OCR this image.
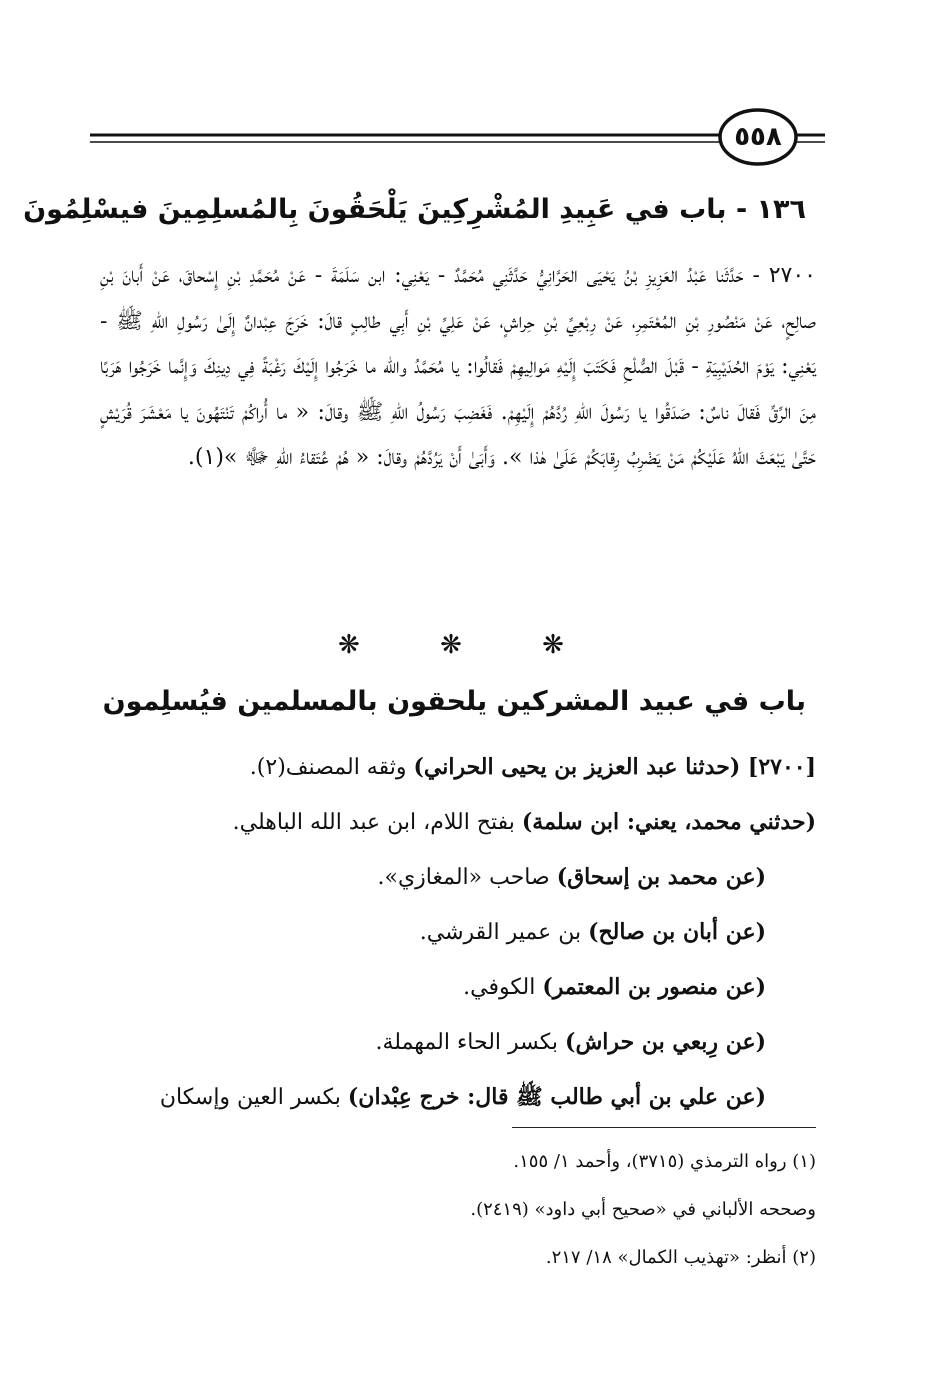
٥٥٨
١٣٦ - باب في عَبِيدِ المُشْرِكِينَ يَلْحَقُونَ بِالمُسلِمِينَ فيسْلِمُونَ

٢٧٠٠ - حَدَّثَنا عَبْدُ العَزِيزِ بْنُ يَحْيَى الحَرَّانِيُّ حَدَّثَنِي مُحَمَّدٌ - يَعْنِي: ابن سَلَمَةَ - عَنْ مُحَمَّدِ بْنِ إِسْحاقَ، عَنْ أَبانَ بْنِ صالِحٍ، عَنْ مَنْصُورِ بْنِ المُعْتَمِرِ، عَنْ رِبْعِيِّ بْنِ حِراشٍ، عَنْ عَلِيِّ بْنِ أَبِي طالِبٍ قالَ: خَرَجَ عِبْدانٌ إِلَىٰ رَسُولِ اللهِ ﷺ - يَعْنِي: يَوْمَ الحُدَيْبِيَةِ - قَبْلَ الصُّلْحِ فَكَتَبَ إِلَيْهِ مَوالِيهِمْ فَقالُوا: يا مُحَمَّدُ والله ما خَرَجُوا إِلَيْكَ رَغْبَةً فِي دِينِكَ وَإِنَّما خَرَجُوا هَرَبًا مِنَ الرِّقِّ فَقالَ ناسٌ: صَدَقُوا يا رَسُولَ اللهِ رُدَّهُمْ إِلَيْهِمْ. فَغَضِبَ رَسُولُ اللهِ ﷺ وقالَ: « ما أُراكُمْ تَنْتَهُونَ يا مَعْشَرَ قُرَيْشٍ حَتَّىٰ يَبْعَثَ اللهُ عَلَيْكُمْ مَنْ يَضْرِبُ رِقابَكُمْ عَلَىٰ هٰذا ». وَأَبَىٰ أَنْ يَرُدَّهُمْ وقالَ: « هُمْ عُتَقاءُ اللهِ ﷻ »(١).

❋ ❋ ❋
باب في عبيد المشركين يلحقون بالمسلمين فيُسلِمون
[٢٧٠٠] (حدثنا عبد العزيز بن يحيى الحراني) وثقه المصنف(٢).
(حدثني محمد، يعني: ابن سلمة) بفتح اللام، ابن عبد الله الباهلي.
(عن محمد بن إسحاق) صاحب «المغازي».
(عن أبان بن صالح) بن عمير القرشي.
(عن منصور بن المعتمر) الكوفي.
(عن رِبعي بن حراش) بكسر الحاء المهملة.
(عن علي بن أبي طالب ﷺ قال: خرج عِبْدان) بكسر العين وإسكان
(١) رواه الترمذي (٣٧١٥)، وأحمد ١/ ١٥٥.
وصححه الألباني في «صحيح أبي داود» (٢٤١٩).
(٢) أنظر: «تهذيب الكمال» ١٨/ ٢١٧.
